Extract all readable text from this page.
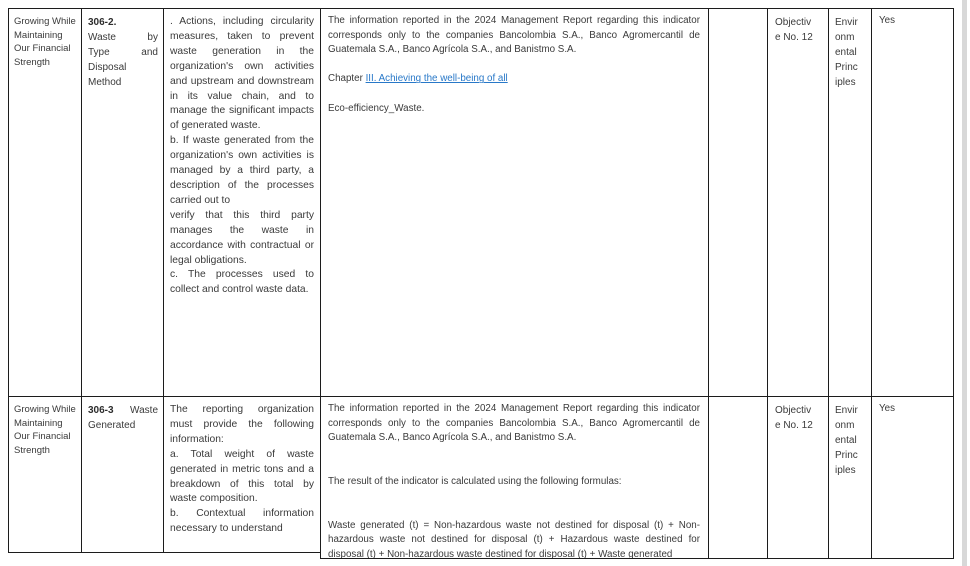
Growing While Maintaining Our Financial Strength
306-2.
Waste by
Type and
Disposal
Method

. Actions, including circularity measures, taken to prevent waste generation in the organization's own activities and upstream and downstream in its value chain, and to manage the significant impacts of generated waste.

b. If waste generated from the organization's own activities is managed by a third party, a description of the processes carried out to

verify that this third party manages the waste in accordance with contractual or legal obligations.

c. The processes used to collect and control waste data.

The information reported in the 2024 Management Report regarding this indicator corresponds only to the companies Bancolombia S.A., Banco Agromercantil de Guatemala S.A., Banco Agrícola S.A., and Banistmo S.A.

Chapter III. Achieving the well-being of all

Eco-efficiency_Waste.

Objectiv
e No. 12
Envir
onm
ental
Princ
iples
Yes
Growing While Maintaining Our Financial Strength

306-3 Waste Generated

The reporting organization must provide the following information:

a. Total weight of waste generated in metric tons and a breakdown of this total by waste composition.

b. Contextual information necessary to understand

The information reported in the 2024 Management Report regarding this indicator corresponds only to the companies Bancolombia S.A., Banco Agromercantil de Guatemala S.A., Banco Agrícola S.A., and Banistmo S.A.

The result of the indicator is calculated using the following formulas:

Waste generated (t) = Non-hazardous waste not destined for disposal (t) + Non-hazardous waste not destined for disposal (t) + Hazardous waste destined for disposal (t) + Non-hazardous waste destined for disposal (t) + Waste generated

Objectiv
e No. 12
Envir
onm
ental
Princ
iples
Yes
